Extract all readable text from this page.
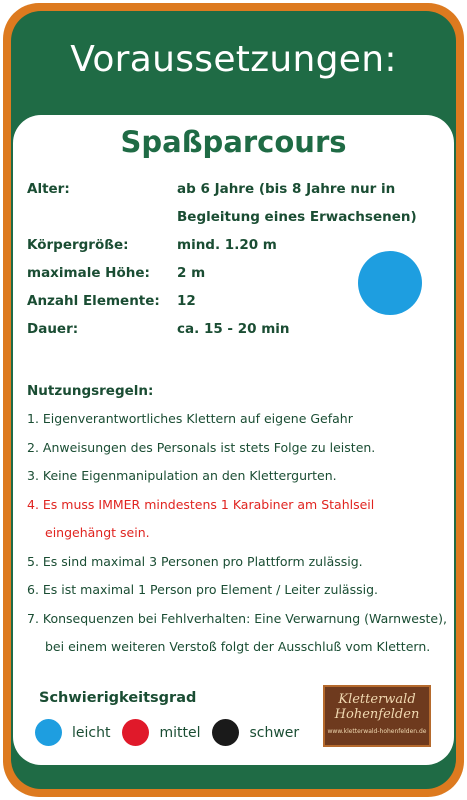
Voraussetzungen:
Spaßparcours
Alter:	ab 6 Jahre (bis 8 Jahre nur in
Begleitung eines Erwachsenen)
Körpergröße:	mind. 1.20 m
maximale Höhe: 2 m
Anzahl Elemente: 12
Dauer:	ca. 15 - 20 min
Nutzungsregeln:
1. Eigenverantwortliches Klettern auf eigene Gefahr
2. Anweisungen des Personals ist stets Folge zu leisten.
3. Keine Eigenmanipulation an den Klettergurten.
4. Es muss IMMER mindestens 1 Karabiner am Stahlseil
eingehängt sein.
5. Es sind maximal 3 Personen pro Plattform zulässig.
6. Es ist maximal 1 Person pro Element / Leiter zulässig.
7. Konsequenzen bei Fehlverhalten: Eine Verwarnung (Warnweste),
bei einem weiteren Verstoß folgt der Ausschluß vom Klettern.
Schwierigkeitsgrad
leicht	mittel	schwer
Kletterwald
Hohenfelden
www.kletterwald-hohenfelden.de
